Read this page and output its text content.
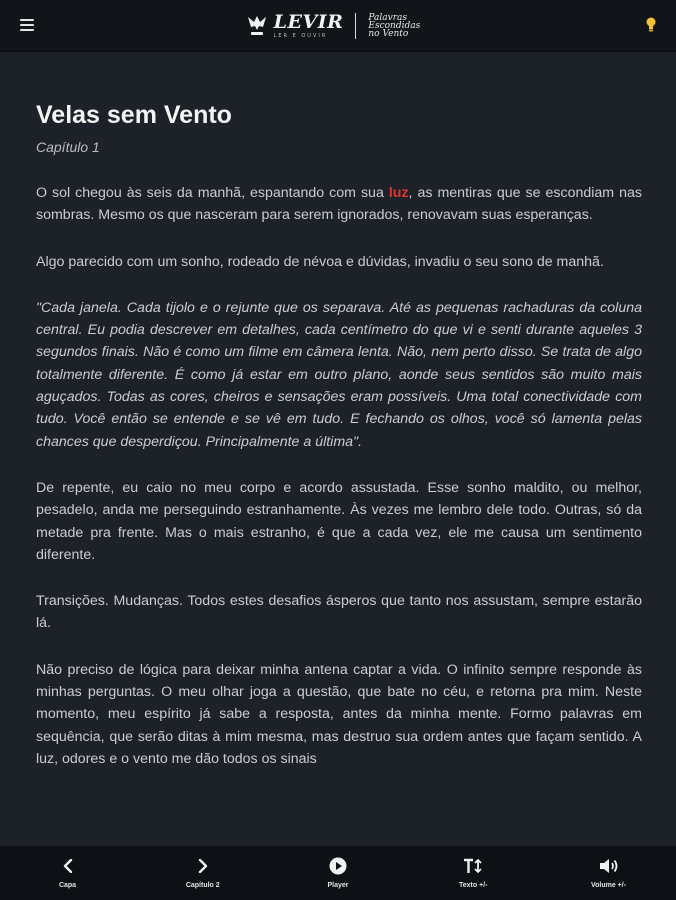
LEVIR
LER E OUVIR
Palavras Escondidas no Vento
Velas sem Vento
Capítulo 1

O sol chegou às seis da manhã, espantando com sua luz, as mentiras que se escondiam nas sombras. Mesmo os que nasceram para serem ignorados, renovavam suas esperanças.

Algo parecido com um sonho, rodeado de névoa e dúvidas, invadiu o seu sono de manhã.

"Cada janela. Cada tijolo e o rejunte que os separava. Até as pequenas rachaduras da coluna central. Eu podia descrever em detalhes, cada centímetro do que vi e senti durante aqueles 3 segundos finais. Não é como um filme em câmera lenta. Não, nem perto disso. Se trata de algo totalmente diferente. É como já estar em outro plano, aonde seus sentidos são muito mais aguçados. Todas as cores, cheiros e sensações eram possíveis. Uma total conectividade com tudo. Você então se entende e se vê em tudo. E fechando os olhos, você só lamenta pelas chances que desperdiçou. Principalmente a última".

De repente, eu caio no meu corpo e acordo assustada. Esse sonho maldito, ou melhor, pesadelo, anda me perseguindo estranhamente. Às vezes me lembro dele todo. Outras, só da metade pra frente. Mas o mais estranho, é que a cada vez, ele me causa um sentimento diferente.

Transições. Mudanças. Todos estes desafios ásperos que tanto nos assustam, sempre estarão lá.

Não preciso de lógica para deixar minha antena captar a vida. O infinito sempre responde às minhas perguntas. O meu olhar joga a questão, que bate no céu, e retorna pra mim. Neste momento, meu espírito já sabe a resposta, antes da minha mente. Formo palavras em sequência, que serão ditas à mim mesma, mas destruo sua ordem antes que façam sentido. A luz, odores e o vento me dão todos os sinais

Capa	Capítulo 2	Player	Texto +/-	Volume +/-
